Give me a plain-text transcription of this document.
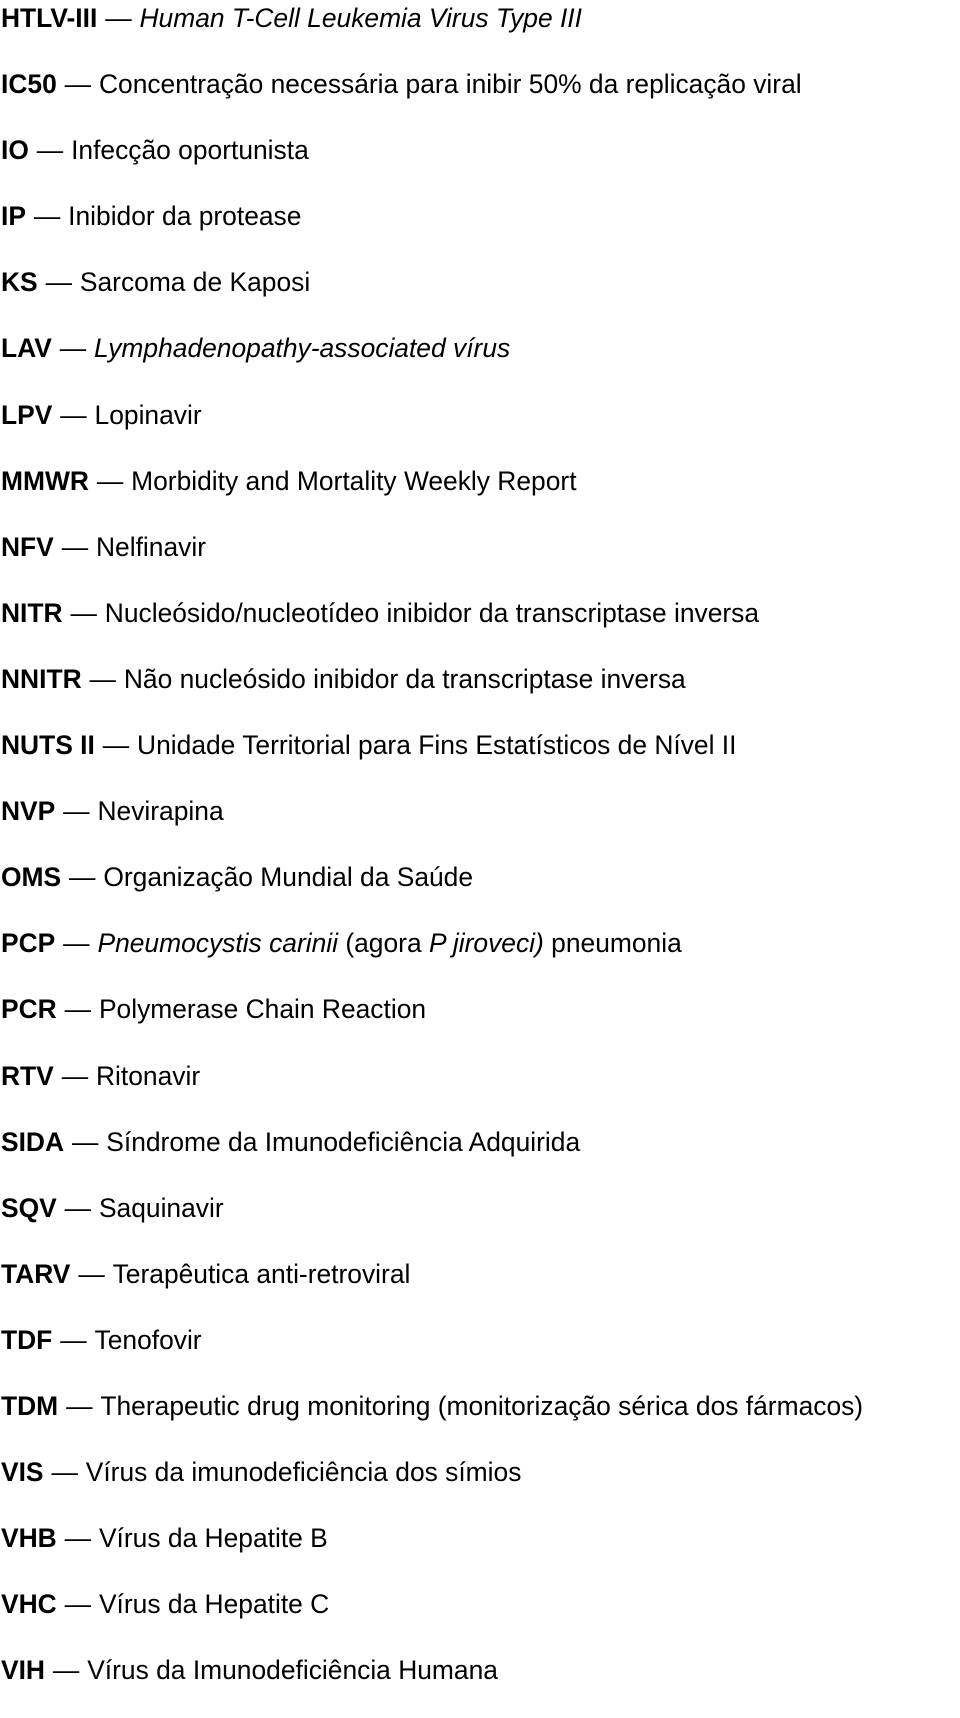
HTLV-III — Human T-Cell Leukemia Virus Type III
IC50 — Concentração necessária para inibir 50% da replicação viral
IO — Infecção oportunista
IP — Inibidor da protease
KS — Sarcoma de Kaposi
LAV — Lymphadenopathy-associated vírus
LPV — Lopinavir
MMWR — Morbidity and Mortality Weekly Report
NFV — Nelfinavir
NITR — Nucleósido/nucleotídeo inibidor da transcriptase inversa
NNITR — Não nucleósido inibidor da transcriptase inversa
NUTS II — Unidade Territorial para Fins Estatísticos de Nível II
NVP — Nevirapina
OMS — Organização Mundial da Saúde
PCP — Pneumocystis carinii (agora P jiroveci) pneumonia
PCR — Polymerase Chain Reaction
RTV — Ritonavir
SIDA — Síndrome da Imunodeficiência Adquirida
SQV — Saquinavir
TARV — Terapêutica anti-retroviral
TDF — Tenofovir
TDM — Therapeutic drug monitoring (monitorização sérica dos fármacos)
VIS — Vírus da imunodeficiência dos símios
VHB — Vírus da Hepatite B
VHC — Vírus da Hepatite C
VIH — Vírus da Imunodeficiência Humana
